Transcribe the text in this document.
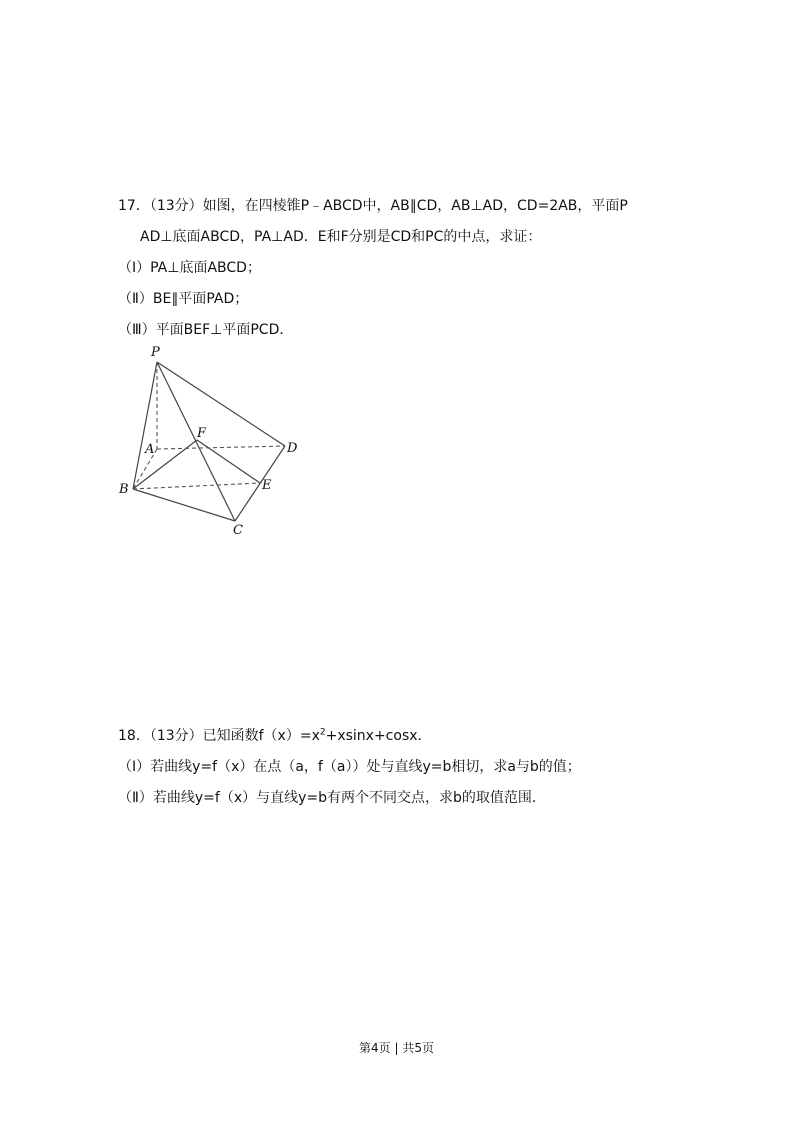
17．（13分）如图，在四棱锥P﹣ABCD中，AB∥CD，AB⊥AD，CD=2AB，平面P
AD⊥底面ABCD，PA⊥AD．E和F分别是CD和PC的中点，求证：
（Ⅰ）PA⊥底面ABCD；
（Ⅱ）BE∥平面PAD；
（Ⅲ）平面BEF⊥平面PCD．
P
A
F
D
B	E
C
18．（13分）已知函数$f(x)=x^2+xsinx+\cos x$．
（Ⅰ）若曲线y=f（x）在点（a，f（a））处与直线y=b相切，求a与b的值；
（Ⅱ）若曲线y=f（x）与直线y=b有两个不同交点，求b的取值范围．
第4页 | 共5页
